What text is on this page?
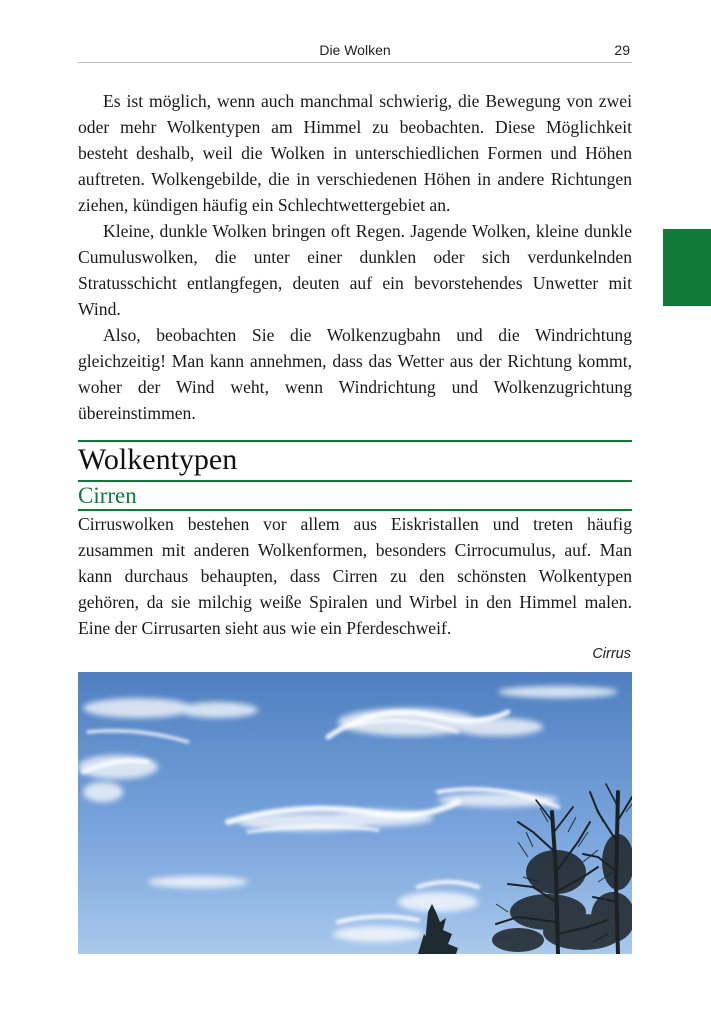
Die Wolken	29

Es ist möglich, wenn auch manchmal schwierig, die Bewegung von zwei oder mehr Wolkentypen am Himmel zu beobachten. Diese Möglichkeit besteht deshalb, weil die Wolken in unterschiedlichen Formen und Höhen auftreten. Wolkengebilde, die in verschiedenen Höhen in andere Richtungen ziehen, kündigen häufig ein Schlechtwettergebiet an.

Kleine, dunkle Wolken bringen oft Regen. Jagende Wolken, kleine dunkle Cumuluswolken, die unter einer dunklen oder sich verdunkelnden Stratusschicht entlangfegen, deuten auf ein bevorstehendes Unwetter mit Wind.

Also, beobachten Sie die Wolkenzugbahn und die Windrichtung gleichzeitig! Man kann annehmen, dass das Wetter aus der Richtung kommt, woher der Wind weht, wenn Windrichtung und Wolkenzugrichtung übereinstimmen.

Wolkentypen
Cirren

Cirruswolken bestehen vor allem aus Eiskristallen und treten häufig zusammen mit anderen Wolkenformen, besonders Cirrocumulus, auf. Man kann durchaus behaupten, dass Cirren zu den schönsten Wolkentypen gehören, da sie milchig weiße Spiralen und Wirbel in den Himmel malen. Eine der Cirrusarten sieht aus wie ein Pferdeschweif.

Cirrus
